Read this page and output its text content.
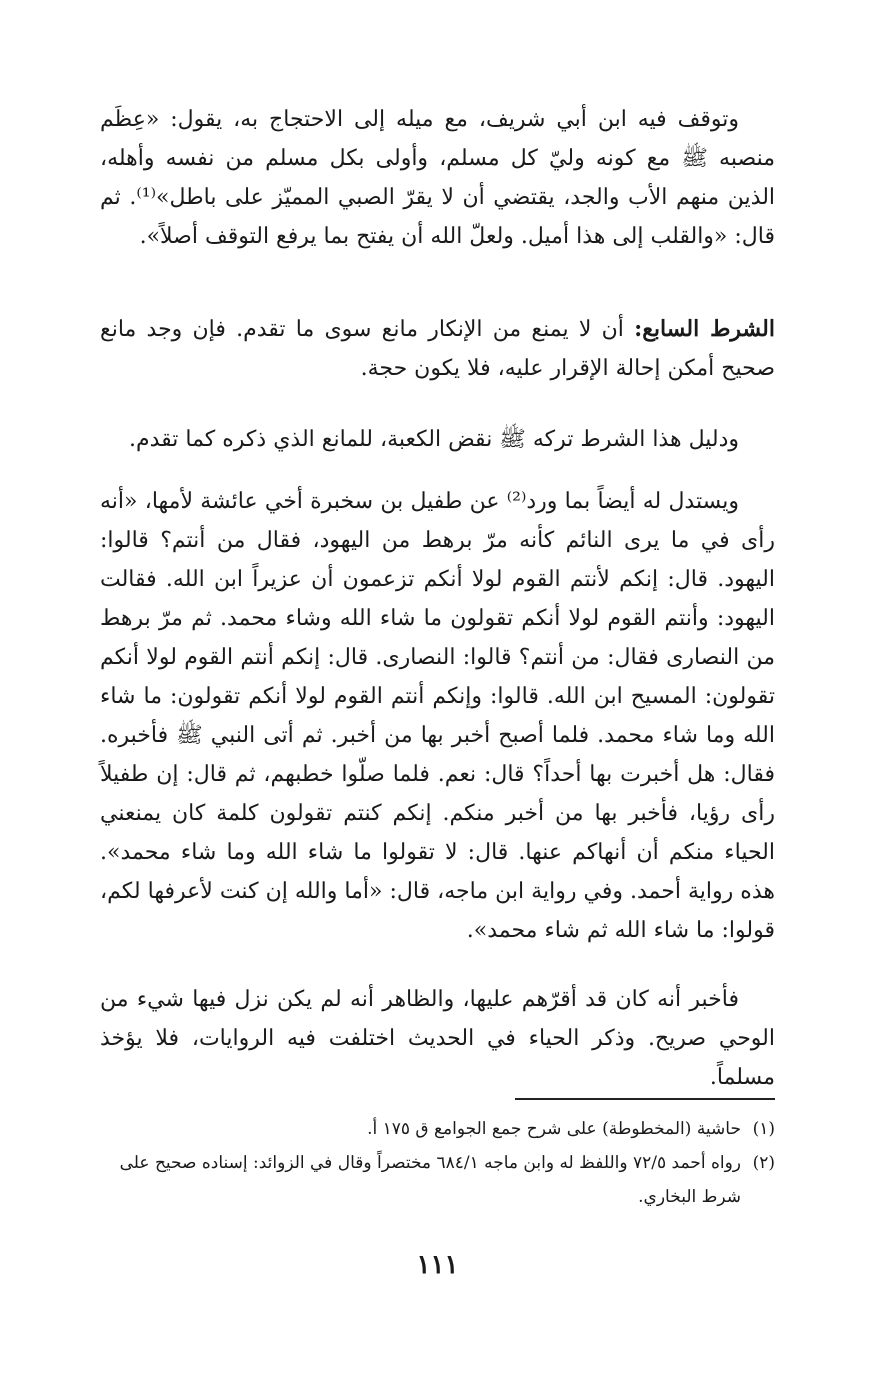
وتوقف فيه ابن أبي شريف، مع ميله إلى الاحتجاج به، يقول: «عِظَم منصبه ﷺ مع كونه وليّ كل مسلم، وأولى بكل مسلم من نفسه وأهله، الذين منهم الأب والجد، يقتضي أن لا يقرّ الصبي المميّز على باطل»⁽¹⁾. ثم قال: «والقلب إلى هذا أميل. ولعلّ الله أن يفتح بما يرفع التوقف أصلاً».

الشرط السابع: أن لا يمنع من الإنكار مانع سوى ما تقدم. فإن وجد مانع صحيح أمكن إحالة الإقرار عليه، فلا يكون حجة.

ودليل هذا الشرط تركه ﷺ نقض الكعبة، للمانع الذي ذكره كما تقدم.

ويستدل له أيضاً بما ورد⁽²⁾ عن طفيل بن سخبرة أخي عائشة لأمها، «أنه رأى في ما يرى النائم كأنه مرّ برهط من اليهود، فقال من أنتم؟ قالوا: اليهود. قال: إنكم لأنتم القوم لولا أنكم تزعمون أن عزيراً ابن الله. فقالت اليهود: وأنتم القوم لولا أنكم تقولون ما شاء الله وشاء محمد. ثم مرّ برهط من النصارى فقال: من أنتم؟ قالوا: النصارى. قال: إنكم أنتم القوم لولا أنكم تقولون: المسيح ابن الله. قالوا: وإنكم أنتم القوم لولا أنكم تقولون: ما شاء الله وما شاء محمد. فلما أصبح أخبر بها من أخبر. ثم أتى النبي ﷺ فأخبره. فقال: هل أخبرت بها أحداً؟ قال: نعم. فلما صلّوا خطبهم، ثم قال: إن طفيلاً رأى رؤيا، فأخبر بها من أخبر منكم. إنكم كنتم تقولون كلمة كان يمنعني الحياء منكم أن أنهاكم عنها. قال: لا تقولوا ما شاء الله وما شاء محمد». هذه رواية أحمد. وفي رواية ابن ماجه، قال: «أما والله إن كنت لأعرفها لكم، قولوا: ما شاء الله ثم شاء محمد».

فأخبر أنه كان قد أقرّهم عليها، والظاهر أنه لم يكن نزل فيها شيء من الوحي صريح. وذكر الحياء في الحديث اختلفت فيه الروايات، فلا يؤخذ مسلماً.

(١)
حاشية (المخطوطة) على شرح جمع الجوامع ق ١٧٥ أ.
(٢)
رواه أحمد ٧٢/٥ واللفظ له وابن ماجه ٦٨٤/١ مختصراً وقال في الزوائد: إسناده صحيح على شرط البخاري.
١١١
